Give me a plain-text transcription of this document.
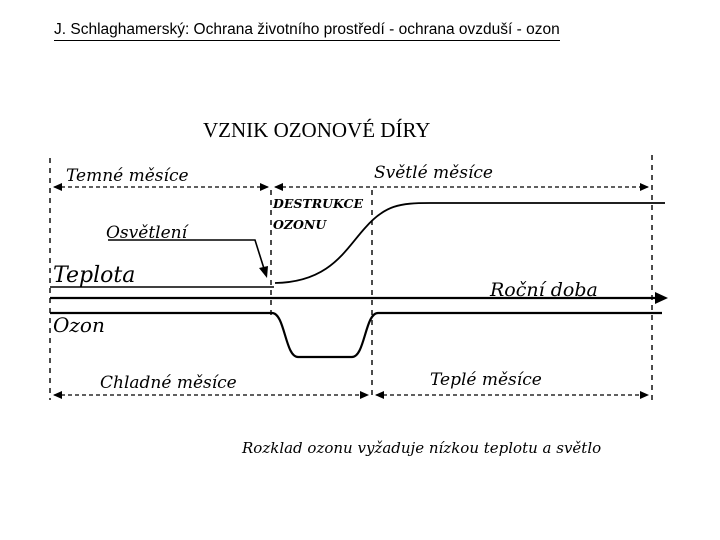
J. Schlaghamerský: Ochrana životního prostředí - ochrana ovzduší - ozon
VZNIK OZONOVÉ DÍRY
Temné měsíce	Světlé měsíce
Osvětlení
DESTRUKCE
OZONU
Teplota
Roční doba
Ozon
Chladné měsíce	Teplé měsíce
Rozklad ozonu vyžaduje nízkou teplotu a světlo
